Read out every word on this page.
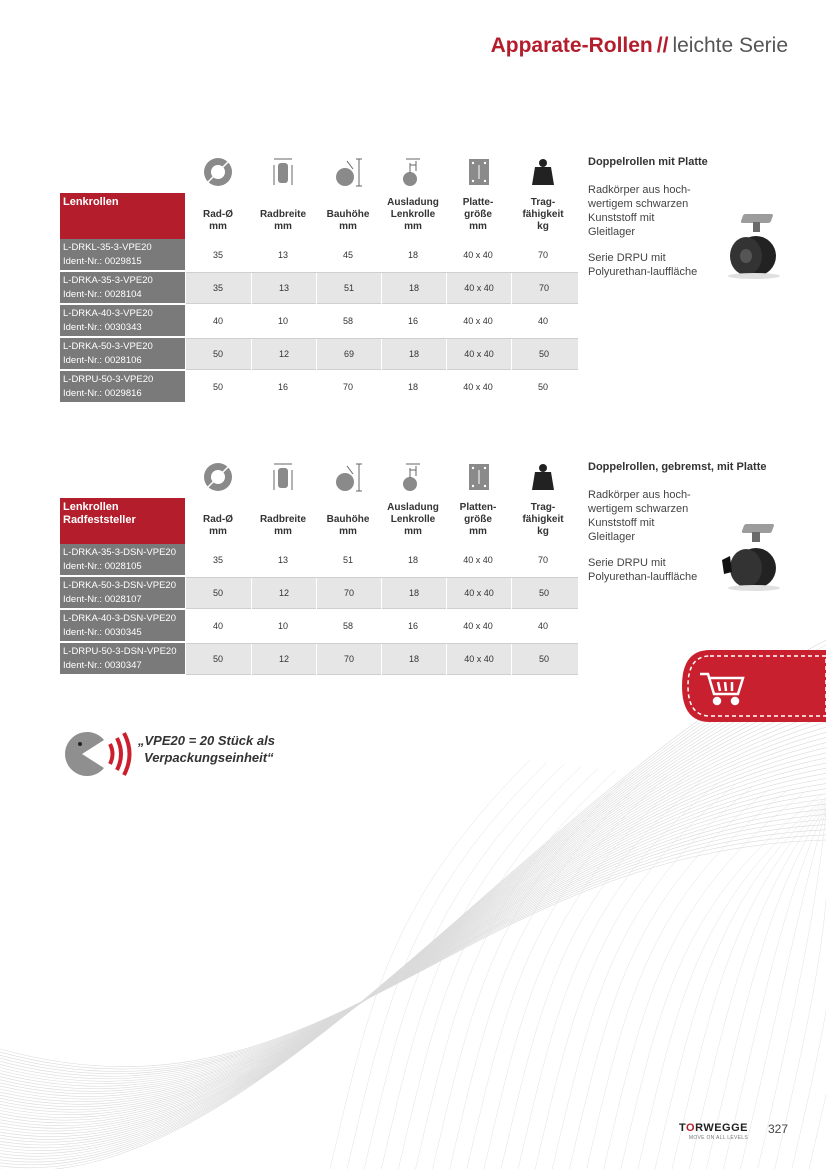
Apparate-Rollen // leichte Serie
Lenkrollen
Rad-Ø
mm
Radbreite
mm
Bauhöhe
mm
Ausladung
Lenkrolle
mm
Platte-
größe
mm
Trag-
fähigkeit
kg
L-DRKL-35-3-VPE20
Ident-Nr.: 0029815
35	13	45	18	40 x 40	70
L-DRKA-35-3-VPE20
Ident-Nr.: 0028104
35	13	51	18	40 x 40	70
L-DRKA-40-3-VPE20
Ident-Nr.: 0030343
40	10	58	16	40 x 40	40
L-DRKA-50-3-VPE20
Ident-Nr.: 0028106
50	12	69	18	40 x 40	50
L-DRPU-50-3-VPE20
Ident-Nr.: 0029816
50	16	70	18	40 x 40	50
Doppelrollen mit Platte

Radkörper aus hoch-wertigem schwarzen Kunststoff mit Gleitlager

Serie DRPU mit Polyurethan-lauffläche

Lenkrollen
Radfeststeller	Rad-Ø
mm
Radbreite
mm
Bauhöhe
mm
Ausladung
Lenkrolle
mm
Platten-
größe
mm
Trag-
fähigkeit
kg
L-DRKA-35-3-DSN-VPE20
Ident-Nr.: 0028105
35	13	51	18	40 x 40	70
L-DRKA-50-3-DSN-VPE20
Ident-Nr.: 0028107
50	12	70	18	40 x 40	50
L-DRKA-40-3-DSN-VPE20
Ident-Nr.: 0030345
40	10	58	16	40 x 40	40
L-DRPU-50-3-DSN-VPE20
Ident-Nr.: 0030347
50	12	70	18	40 x 40	50
Doppelrollen, gebremst, mit Platte

Radkörper aus hoch-wertigem schwarzen Kunststoff mit Gleitlager

Serie DRPU mit Polyurethan-lauffläche

„VPE20 = 20 Stück als
Verpackungseinheit“
TORWEGGE
MOVE ON ALL LEVELS
327
